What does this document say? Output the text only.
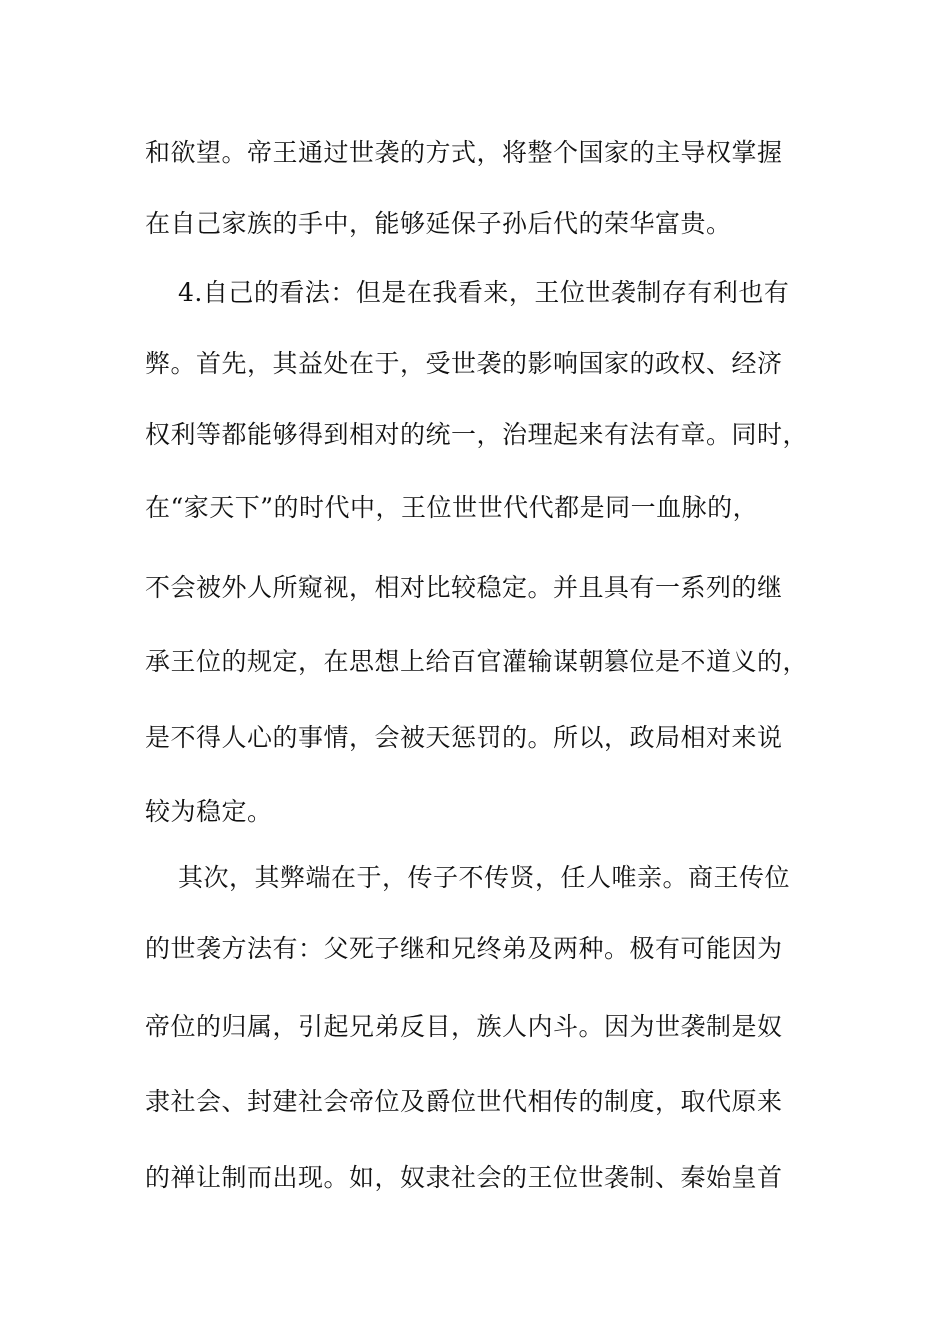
和欲望。帝王通过世袭的方式，将整个国家的主导权掌握
在自己家族的手中，能够延保子孙后代的荣华富贵。
4.自己的看法：但是在我看来，王位世袭制存有利也有
弊。首先，其益处在于，受世袭的影响国家的政权、经济
权利等都能够得到相对的统一，治理起来有法有章。同时，
在“家天下”的时代中，王位世世代代都是同一血脉的，
不会被外人所窥视，相对比较稳定。并且具有一系列的继
承王位的规定，在思想上给百官灌输谋朝篡位是不道义的，
是不得人心的事情，会被天惩罚的。所以，政局相对来说
较为稳定。
其次，其弊端在于，传子不传贤，任人唯亲。商王传位
的世袭方法有：父死子继和兄终弟及两种。极有可能因为
帝位的归属，引起兄弟反目，族人内斗。因为世袭制是奴
隶社会、封建社会帝位及爵位世代相传的制度，取代原来
的禅让制而出现。如，奴隶社会的王位世袭制、秦始皇首
